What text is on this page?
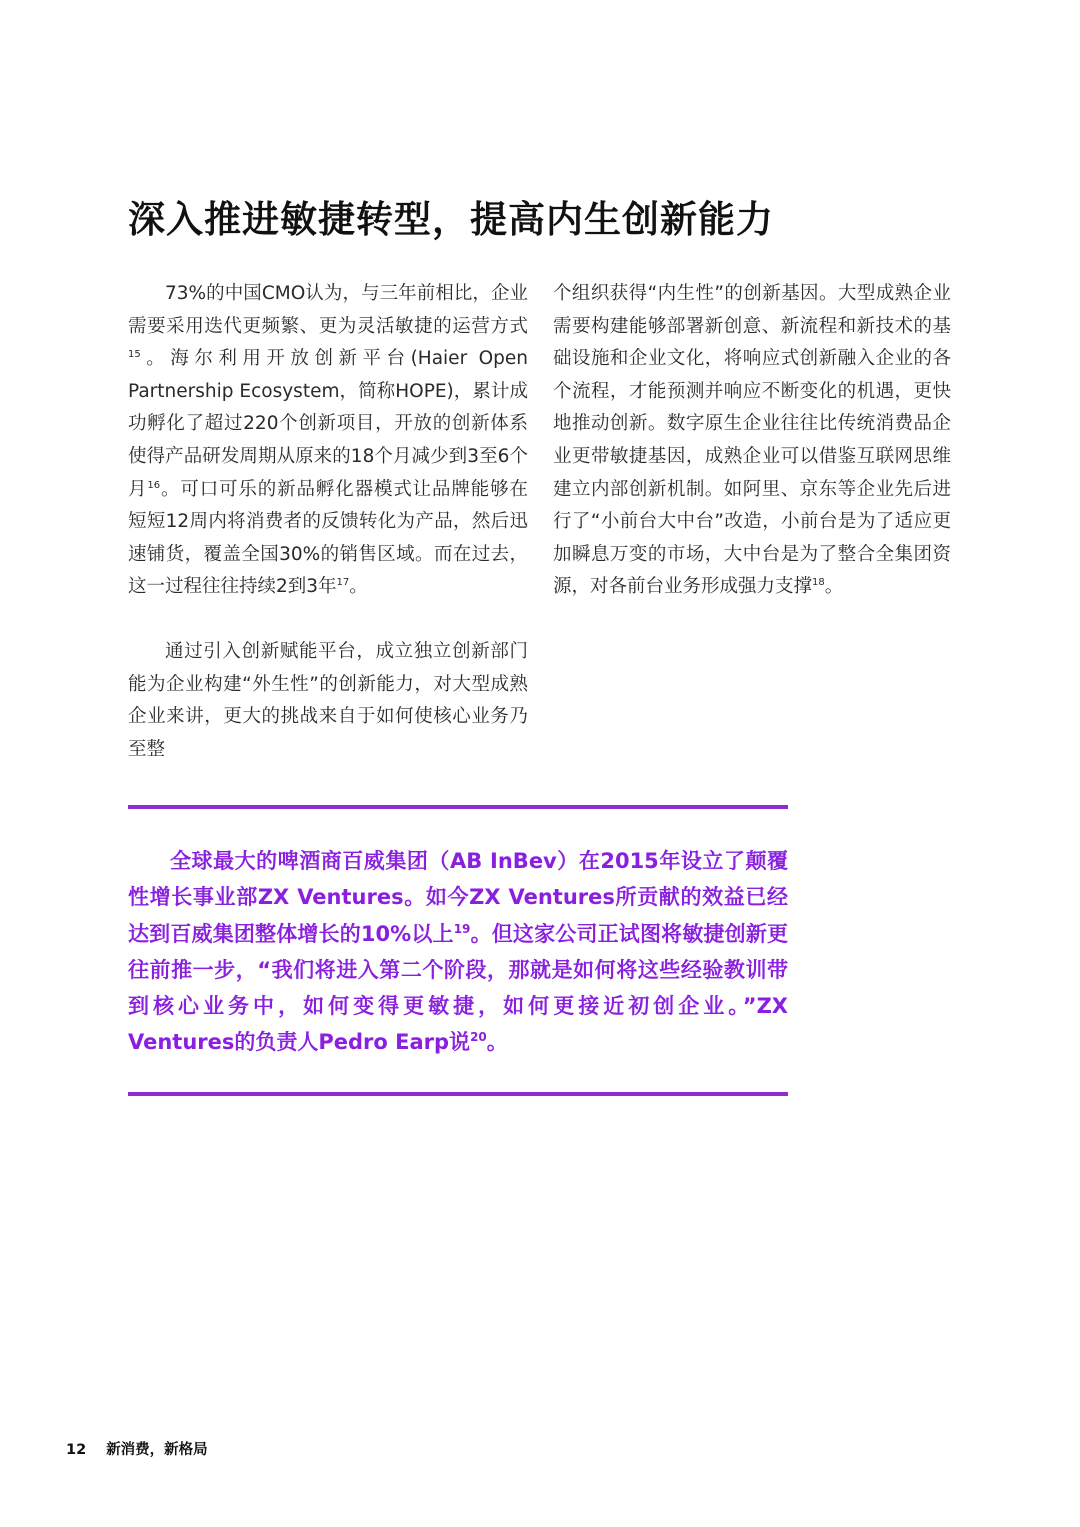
深入推进敏捷转型，提高内生创新能力

73%的中国CMO认为，与三年前相比，企业需要采用迭代更频繁、更为灵活敏捷的运营方式$^{15}$。海尔利用开放创新平台(Haier Open Partnership Ecosystem，简称HOPE)，累计成功孵化了超过220个创新项目，开放的创新体系使得产品研发周期从原来的18个月减少到3至6个月$^{16}$。可口可乐的新品孵化器模式让品牌能够在短短12周内将消费者的反馈转化为产品，然后迅速铺货，覆盖全国30%的销售区域。而在过去，这一过程往往持续2到3年$^{17}$。

通过引入创新赋能平台，成立独立创新部门能为企业构建“外生性”的创新能力，对大型成熟企业来讲，更大的挑战来自于如何使核心业务乃至整

个组织获得“内生性”的创新基因。大型成熟企业需要构建能够部署新创意、新流程和新技术的基础设施和企业文化，将响应式创新融入企业的各个流程，才能预测并响应不断变化的机遇，更快地推动创新。数字原生企业往往比传统消费品企业更带敏捷基因，成熟企业可以借鉴互联网思维建立内部创新机制。如阿里、京东等企业先后进行了“小前台大中台”改造，小前台是为了适应更加瞬息万变的市场，大中台是为了整合全集团资源，对各前台业务形成强力支撑$^{18}$。

全球最大的啤酒商百威集团（AB InBev）在2015年设立了颠覆性增长事业部ZX Ventures。如今ZX Ventures所贡献的效益已经达到百威集团整体增长的10%以上$^{19}$。但这家公司正试图将敏捷创新更往前推一步，“我们将进入第二个阶段，那就是如何将这些经验教训带到核心业务中，如何变得更敏捷，如何更接近初创企业。”ZX Ventures的负责人Pedro Earp说$^{20}$。

12 新消费，新格局
